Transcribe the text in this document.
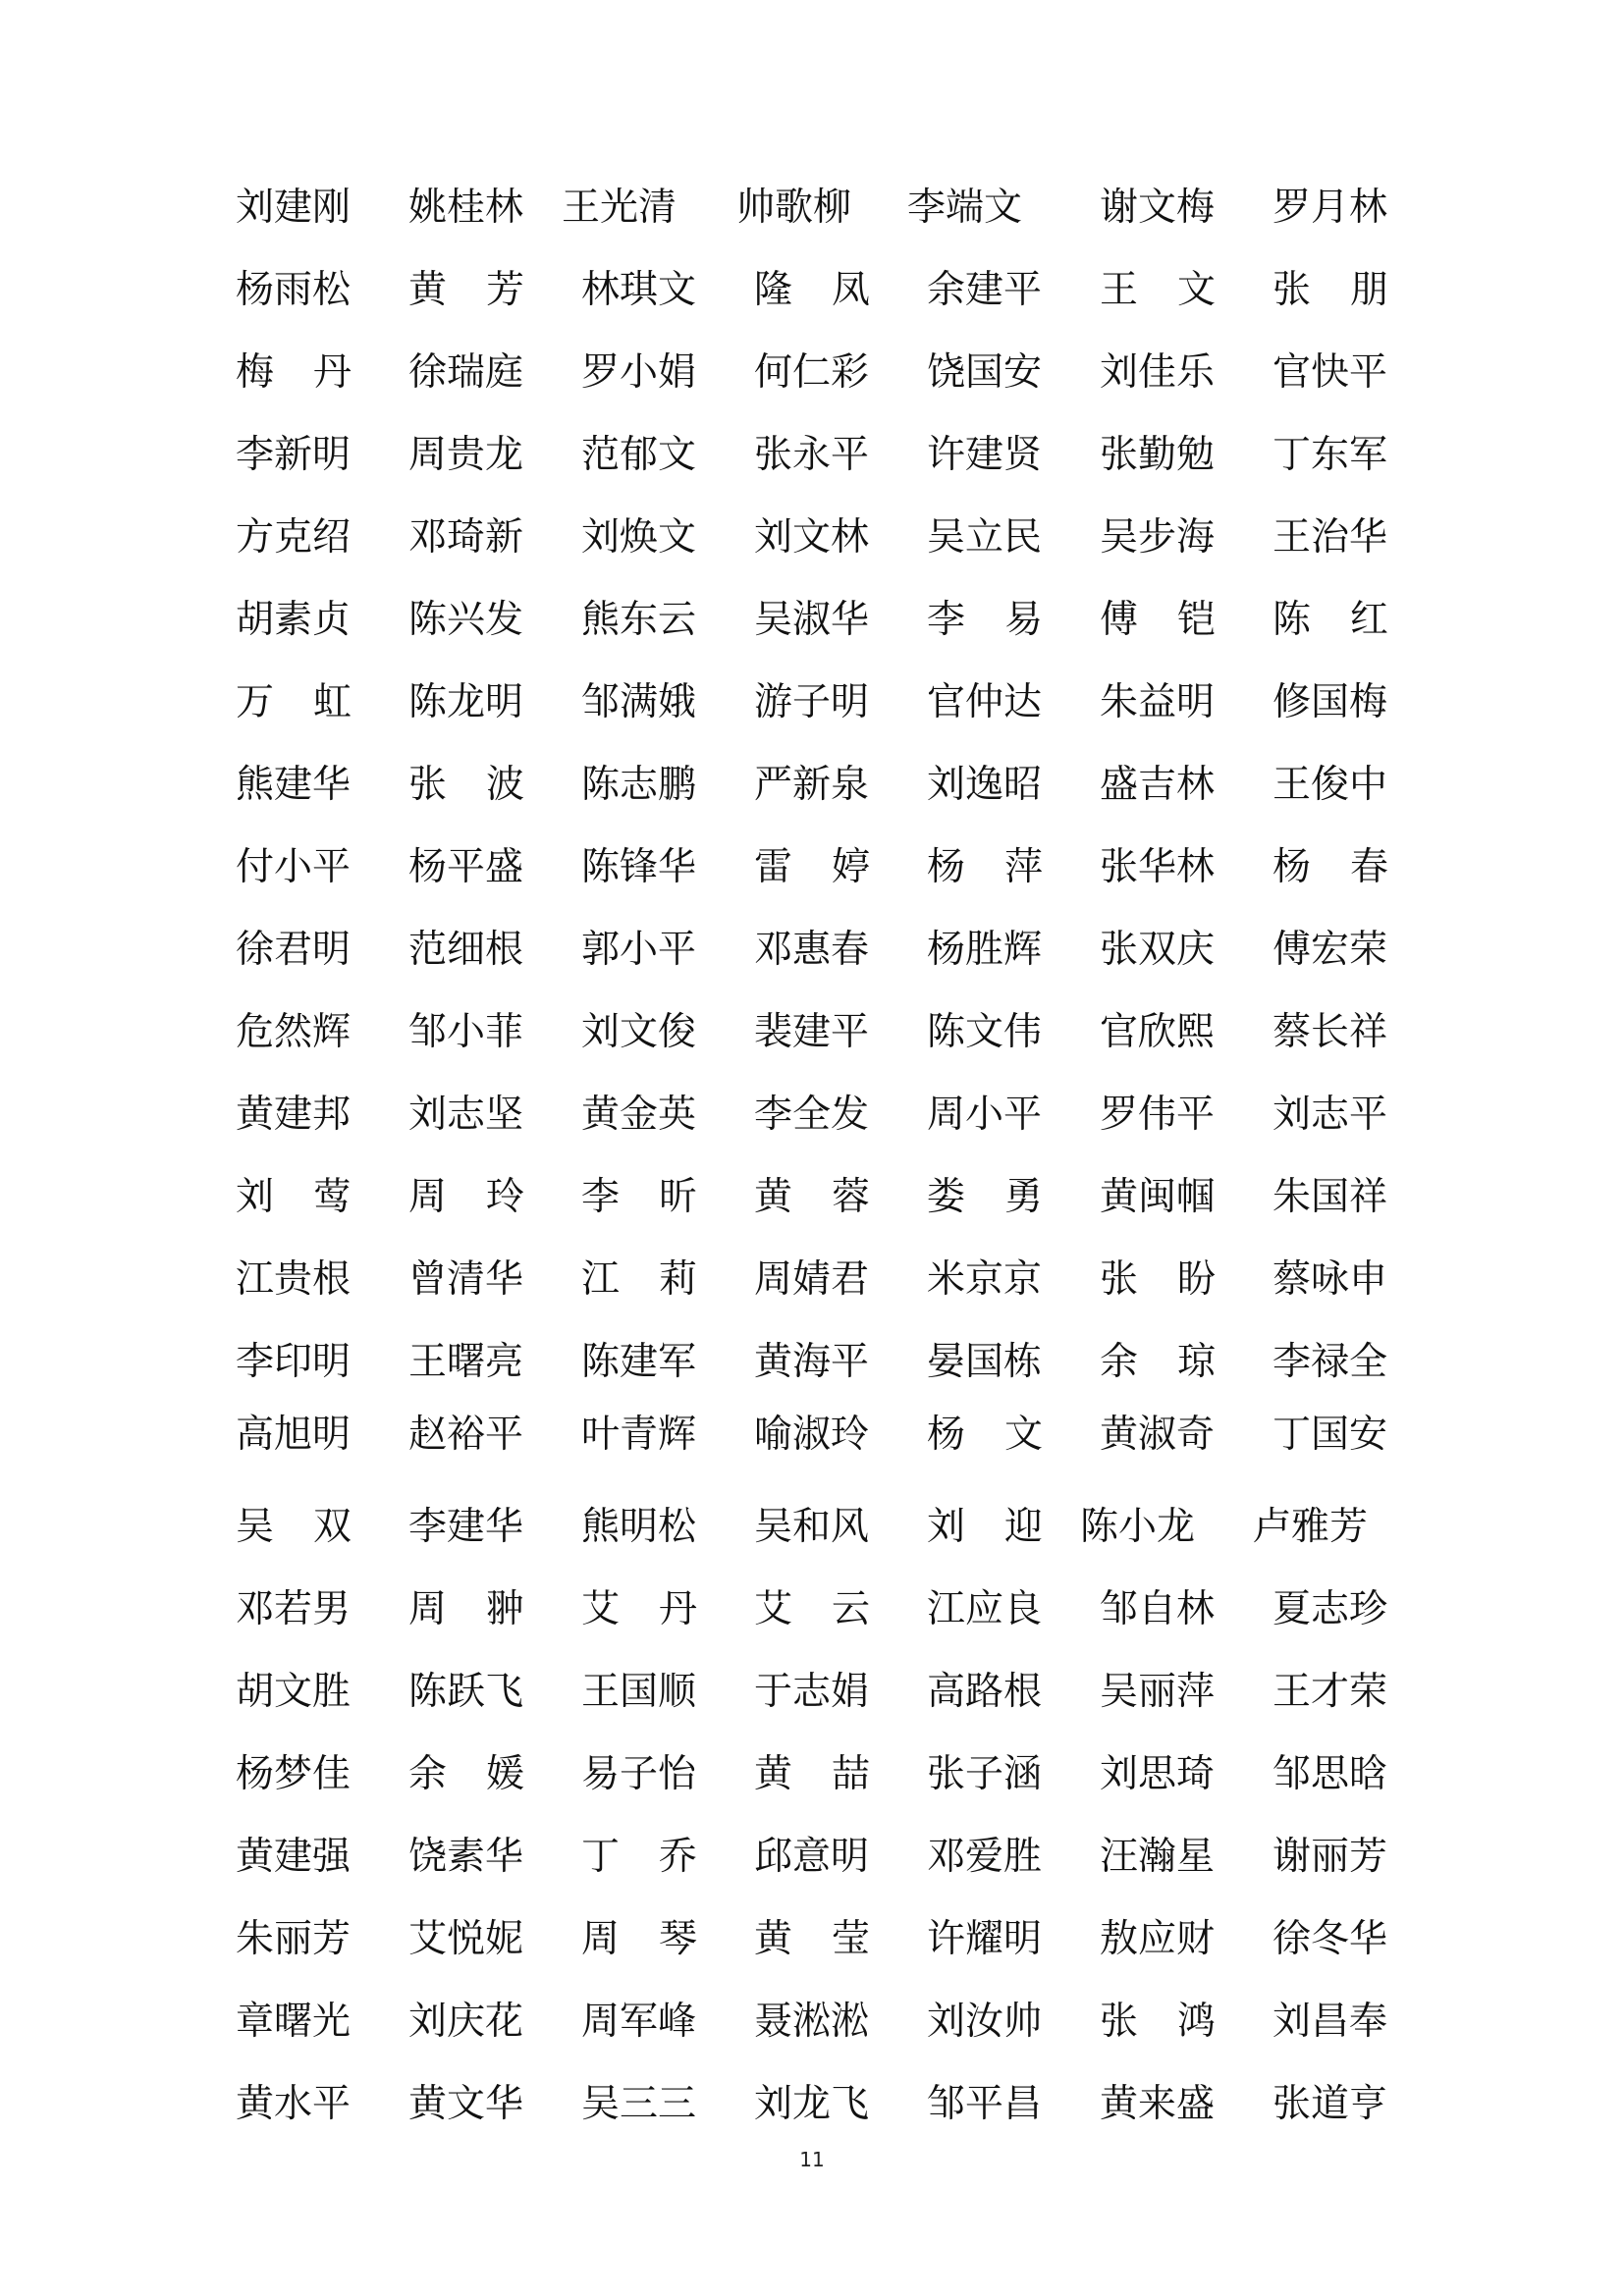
刘建刚 姚桂林 王光清 帅歌柳 李端文 谢文梅 罗月林
杨雨松 黄 芳 林琪文 隆 凤 余建平 王 文 张 朋
梅 丹 徐瑞庭 罗小娟 何仁彩 饶国安 刘佳乐 官快平
李新明 周贵龙 范郁文 张永平 许建贤 张勤勉 丁东军
方克绍 邓琦新 刘焕文 刘文林 吴立民 吴步海 王治华
胡素贞 陈兴发 熊东云 吴淑华 李 易 傅 铠 陈 红
万 虹 陈龙明 邹满娥 游子明 官仲达 朱益明 修国梅
熊建华 张 波 陈志鹏 严新泉 刘逸昭 盛吉林 王俊中
付小平 杨平盛 陈锋华 雷 婷 杨 萍 张华林 杨 春
徐君明 范细根 郭小平 邓惠春 杨胜辉 张双庆 傅宏荣
危然辉 邹小菲 刘文俊 裴建平 陈文伟 官欣熙 蔡长祥
黄建邦 刘志坚 黄金英 李全发 周小平 罗伟平 刘志平
刘 莺 周 玲 李 昕 黄 蓉 娄 勇 黄闽帼 朱国祥
江贵根 曾清华 江 莉 周婧君 米京京 张 盼 蔡咏申
李印明 王曙亮 陈建军 黄海平 晏国栋 余 琼 李禄全
高旭明 赵裕平 叶青辉 喻淑玲 杨 文 黄淑奇 丁国安
吴 双 李建华 熊明松 吴和风 刘 迎 陈小龙 卢雅芳
邓若男 周 翀 艾 丹 艾 云 江应良 邹自林 夏志珍
胡文胜 陈跃飞 王国顺 于志娟 高路根 吴丽萍 王才荣
杨梦佳 余 媛 易子怡 黄 喆 张子涵 刘思琦 邹思晗
黄建强 饶素华 丁 乔 邱意明 邓爱胜 汪瀚星 谢丽芳
朱丽芳 艾悦妮 周 琴 黄 莹 许耀明 敖应财 徐冬华
章曙光 刘庆花 周军峰 聂淞淞 刘汝帅 张 鸿 刘昌奉
黄水平 黄文华 吴三三 刘龙飞 邹平昌 黄来盛 张道亨
11
